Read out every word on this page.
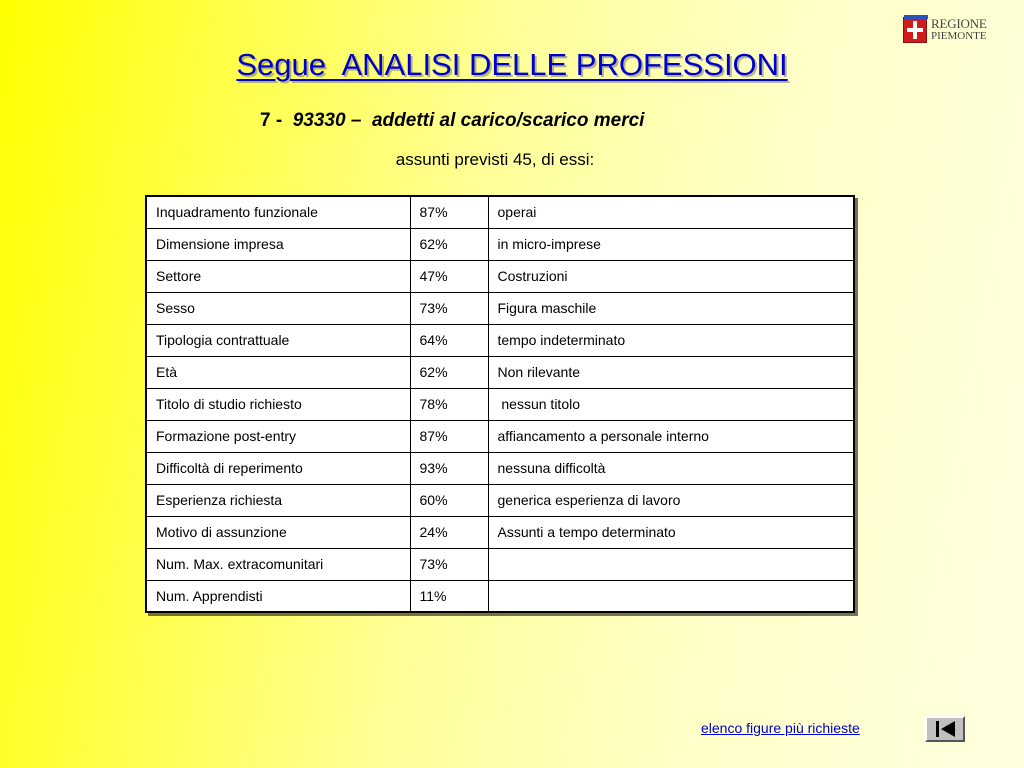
REGIONE
PIEMONTE
Segue  ANALISI DELLE PROFESSIONI
7 -  93330 –  addetti al carico/scarico merci
assunti previsti 45, di essi:
Inquadramento funzionale	87%	operai
Dimensione impresa	62%	in micro-imprese
Settore	47%	Costruzioni
Sesso	73%	Figura maschile
Tipologia contrattuale	64%	tempo indeterminato
Età	62%	Non rilevante
Titolo di studio richiesto	78%	nessun titolo
Formazione post-entry	87%	affiancamento a personale interno
Difficoltà di reperimento	93%	nessuna difficoltà
Esperienza richiesta	60%	generica esperienza di lavoro
Motivo di assunzione	24%	Assunti a tempo determinato
Num. Max. extracomunitari	73%	
Num. Apprendisti	11%	
elenco figure più richieste
